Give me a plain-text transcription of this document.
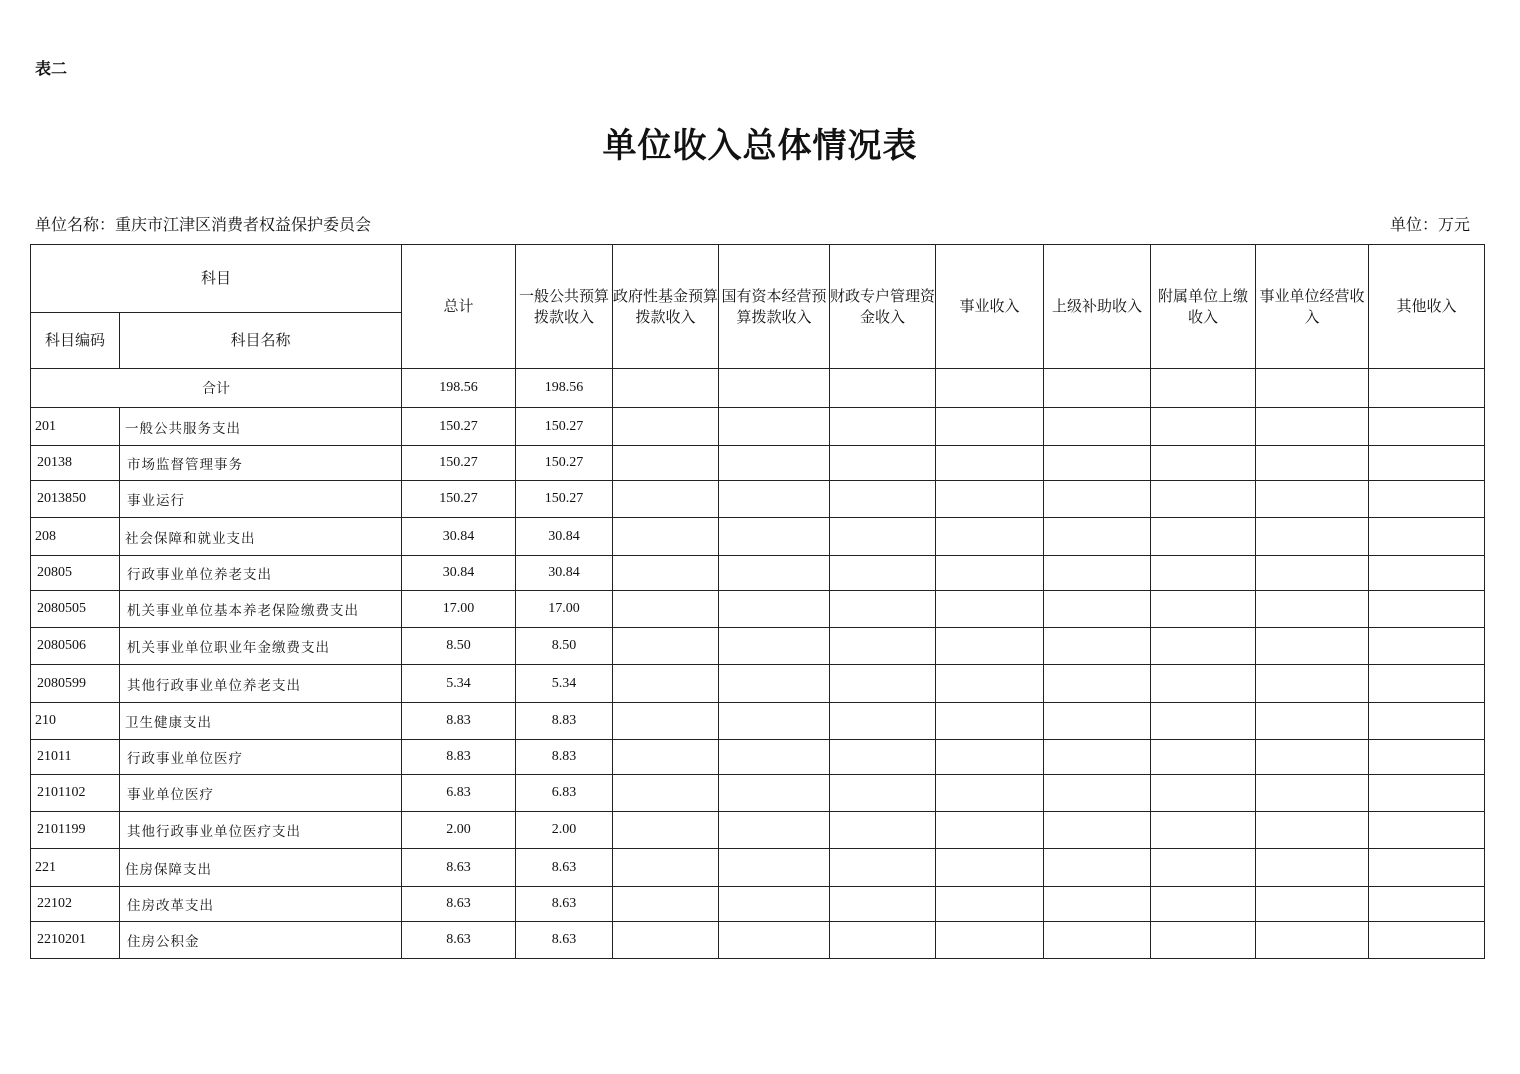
表二
单位收入总体情况表
单位名称：重庆市江津区消费者权益保护委员会	单位：万元
科目		总计	一般公共预算拨款收入	政府性基金预算拨款收入	国有资本经营预算拨款收入	财政专户管理资金收入	事业收入	上级补助收入	附属单位上缴收入	事业单位经营收入	其他收入
科目编码	科目名称										
合计		198.56	198.56								
201	一般公共服务支出	150.27	150.27								
20138	市场监督管理事务	150.27	150.27								
2013850	事业运行	150.27	150.27								
208	社会保障和就业支出	30.84	30.84								
20805	行政事业单位养老支出	30.84	30.84								
2080505	机关事业单位基本养老保险缴费支出	17.00	17.00								
2080506	机关事业单位职业年金缴费支出	8.50	8.50								
2080599	其他行政事业单位养老支出	5.34	5.34								
210	卫生健康支出	8.83	8.83								
21011	行政事业单位医疗	8.83	8.83								
2101102	事业单位医疗	6.83	6.83								
2101199	其他行政事业单位医疗支出	2.00	2.00								
221	住房保障支出	8.63	8.63								
22102	住房改革支出	8.63	8.63								
2210201	住房公积金	8.63	8.63								
